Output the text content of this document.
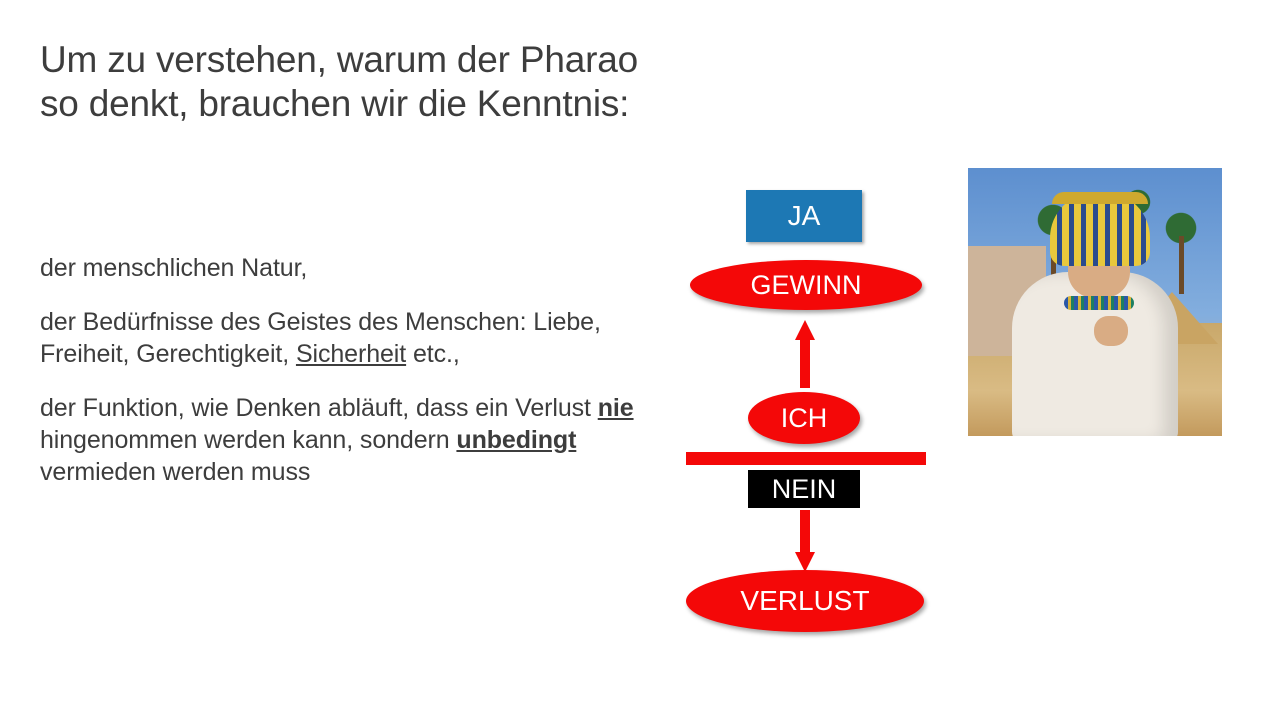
Um zu verstehen, warum der Pharao so denkt, brauchen wir die Kenntnis:
der menschlichen Natur,
der Bedürfnisse des Geistes des Menschen: Liebe, Freiheit, Gerechtigkeit, Sicherheit etc.,
der Funktion, wie Denken abläuft, dass ein Verlust nie hingenommen werden kann, sondern unbedingt vermieden werden muss
JA
GEWINN
ICH
NEIN
VERLUST
